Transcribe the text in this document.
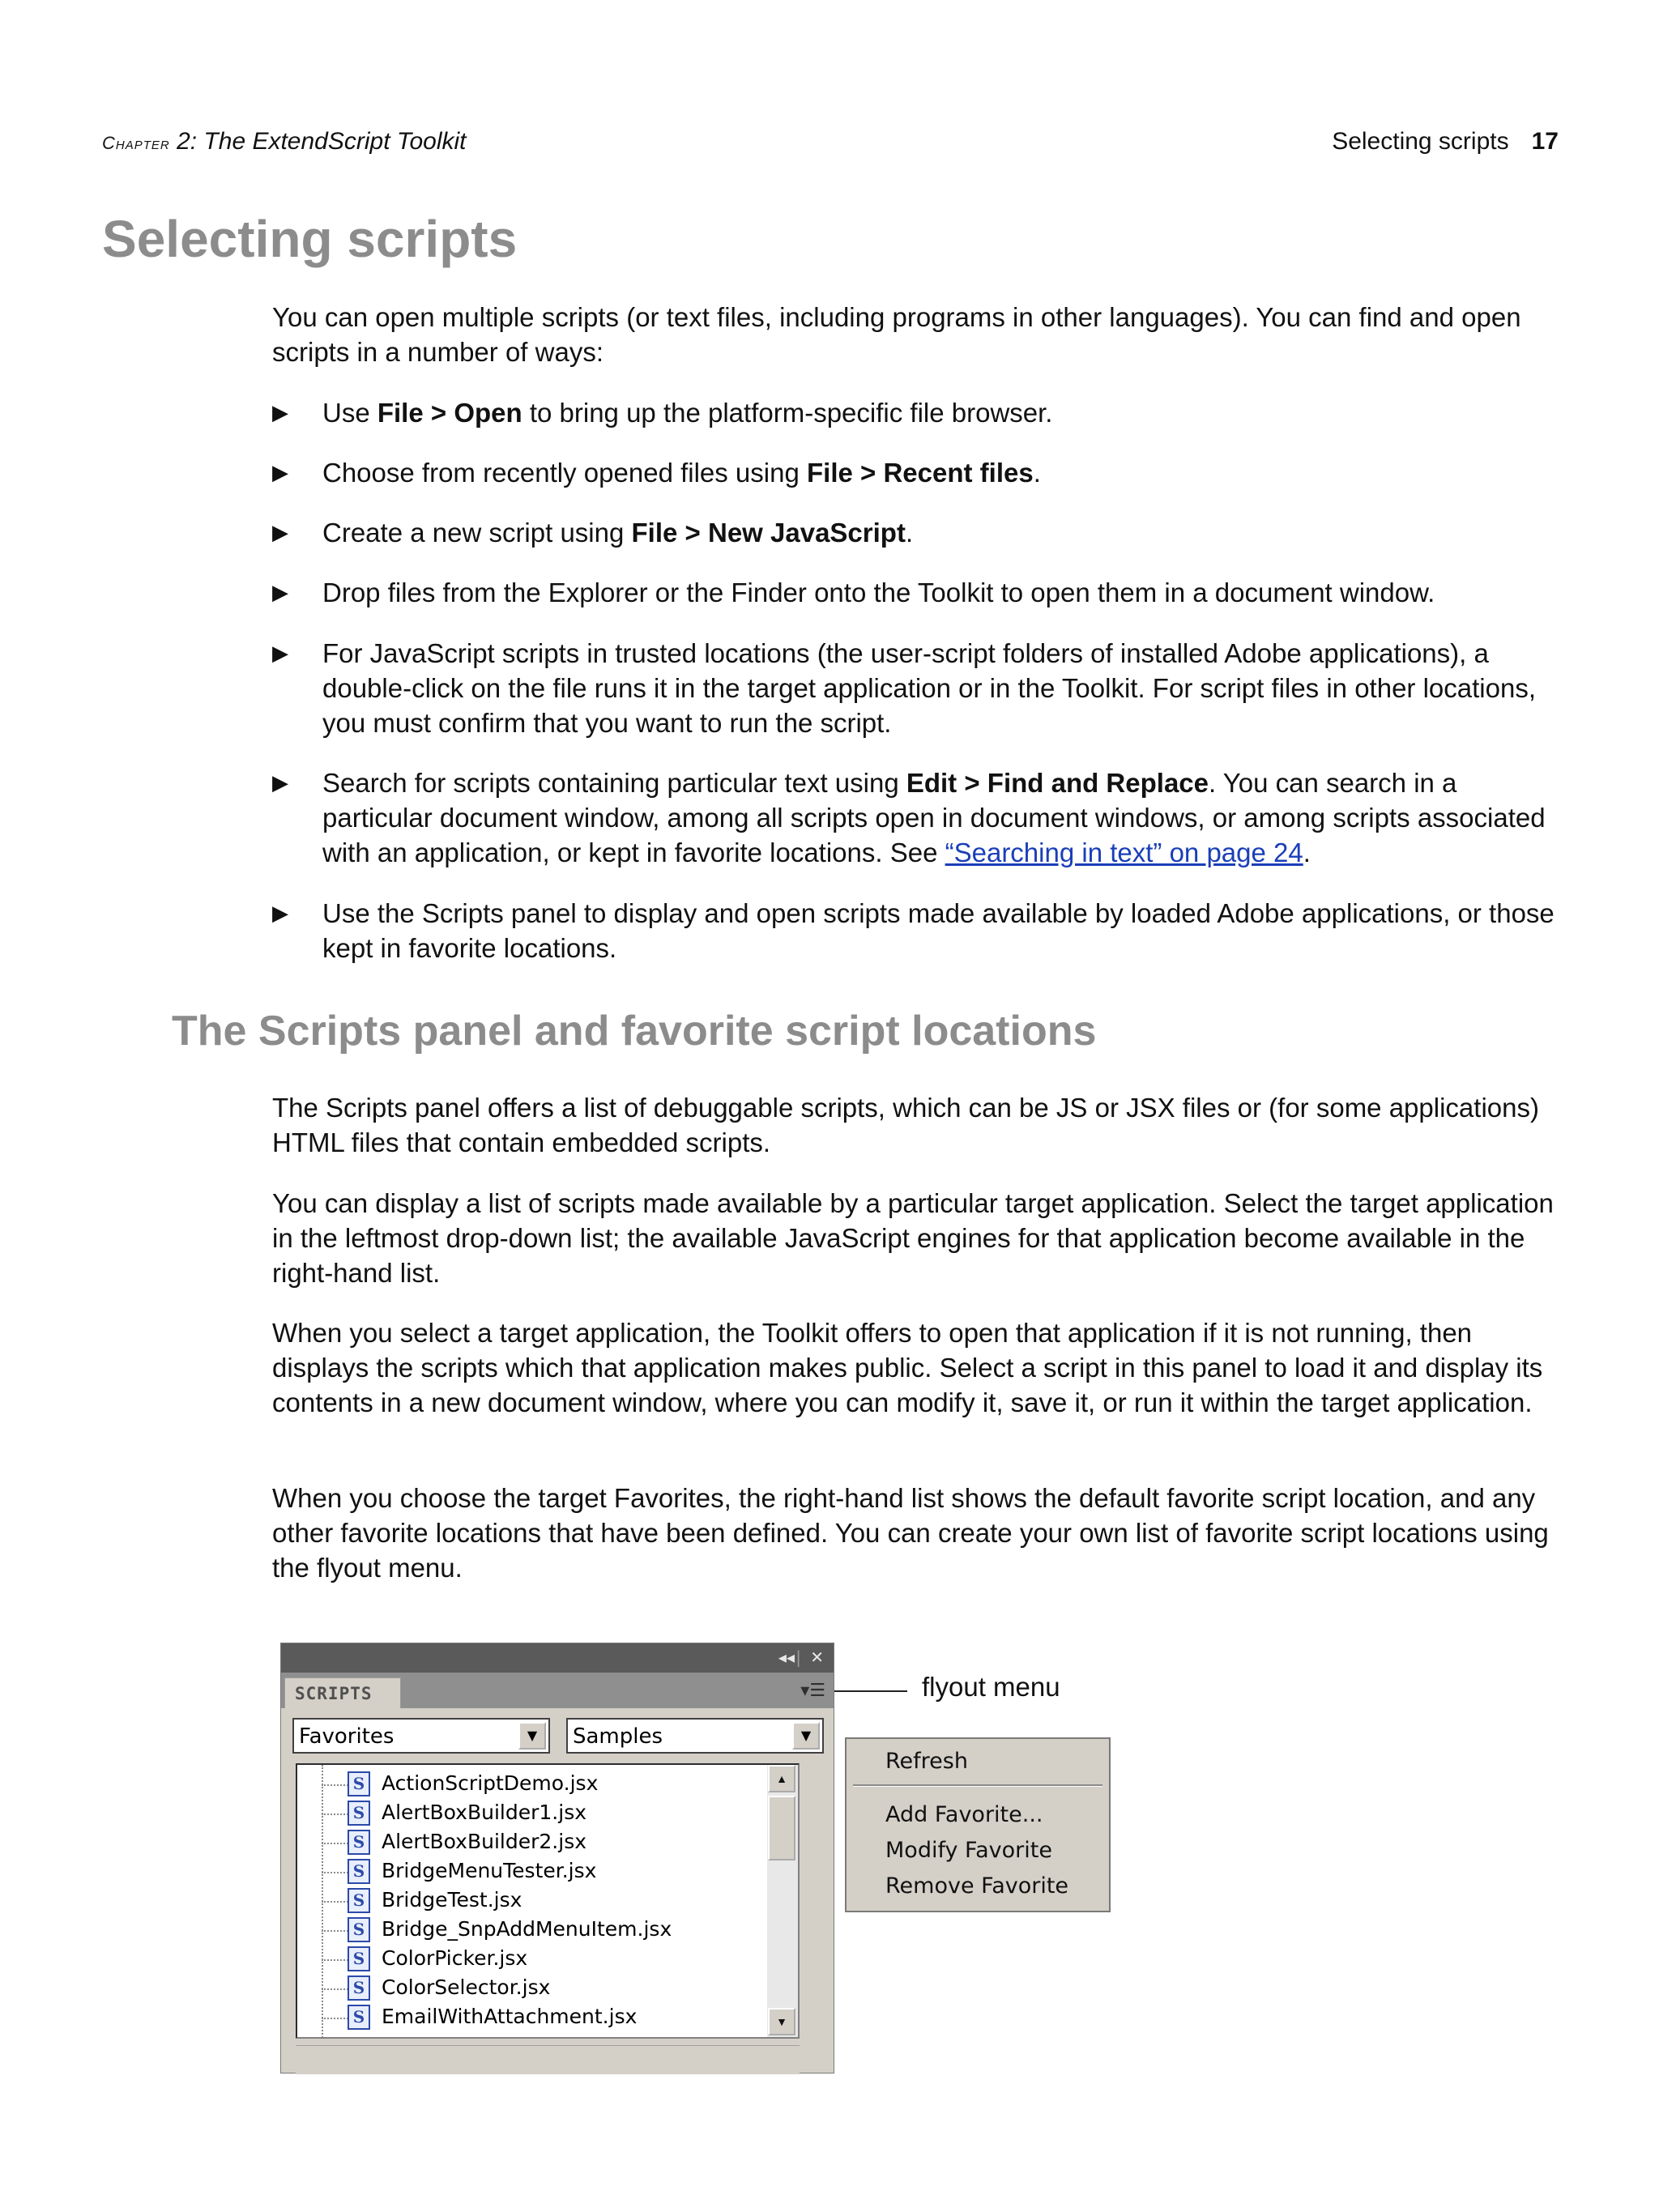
Chapter 2: The ExtendScript Toolkit	Selecting scripts 17
Selecting scripts

You can open multiple scripts (or text files, including programs in other languages). You can find and open scripts in a number of ways:

▶ Use File > Open to bring up the platform-specific file browser.
▶ Choose from recently opened files using File > Recent files.
▶ Create a new script using File > New JavaScript.
▶ Drop files from the Explorer or the Finder onto the Toolkit to open them in a document window.
▶ For JavaScript scripts in trusted locations (the user-script folders of installed Adobe applications), a double-click on the file runs it in the target application or in the Toolkit. For script files in other locations, you must confirm that you want to run the script.
▶ Search for scripts containing particular text using Edit > Find and Replace. You can search in a particular document window, among all scripts open in document windows, or among scripts associated with an application, or kept in favorite locations. See “Searching in text” on page 24.
▶ Use the Scripts panel to display and open scripts made available by loaded Adobe applications, or those kept in favorite locations.
The Scripts panel and favorite script locations

The Scripts panel offers a list of debuggable scripts, which can be JS or JSX files or (for some applications) HTML files that contain embedded scripts.

You can display a list of scripts made available by a particular target application. Select the target application in the leftmost drop-down list; the available JavaScript engines for that application become available in the right-hand list.

When you select a target application, the Toolkit offers to open that application if it is not running, then displays the scripts which that application makes public. Select a script in this panel to load it and display its contents in a new document window, where you can modify it, save it, or run it within the target application.

When you choose the target Favorites, the right-hand list shows the default favorite script location, and any other favorite locations that have been defined. You can create your own list of favorite script locations using the flyout menu.

◂◂ | ✕
SCRIPTS	▾☰
Favorites	▼	Samples	▼
S ActionScriptDemo.jsx
S AlertBoxBuilder1.jsx
S AlertBoxBuilder2.jsx
S BridgeMenuTester.jsx
S BridgeTest.jsx
S Bridge_SnpAddMenuItem.jsx
S ColorPicker.jsx
S ColorSelector.jsx
S EmailWithAttachment.jsx
▲
▼
flyout menu
Refresh
Add Favorite...
Modify Favorite
Remove Favorite
